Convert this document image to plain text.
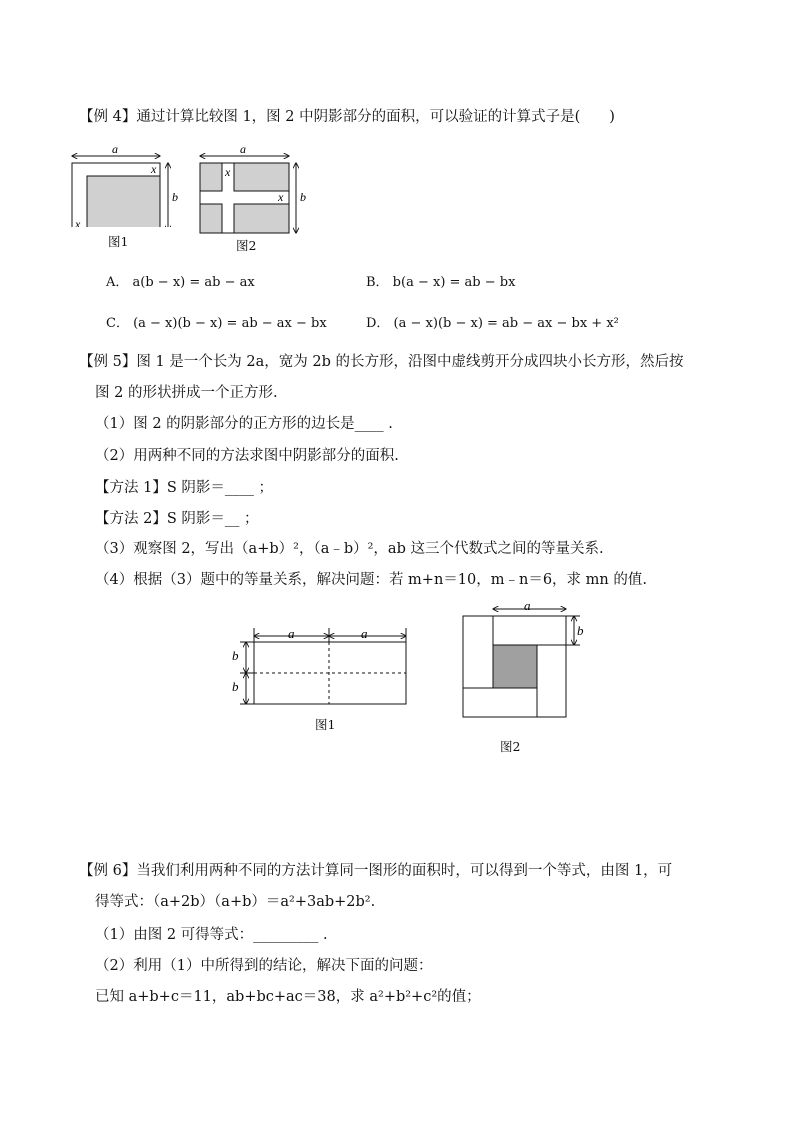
【例 4】通过计算比较图 1，图 2 中阴影部分的面积，可以验证的计算式子是(　　)
a
x
x
b
图1
a
x
x b
图2
A． a(b − x) = ab − ax	B． b(a − x) = ab − bx
C． (a − x)(b − x) = ab − ax − bx	D． (a − x)(b − x) = ab − ax − bx + x²
【例 5】图 1 是一个长为 2a，宽为 2b 的长方形，沿图中虚线剪开分成四块小长方形，然后按
图 2 的形状拼成一个正方形.
（1）图 2 的阴影部分的正方形的边长是____ .
（2）用两种不同的方法求图中阴影部分的面积.
【方法 1】S 阴影＝____ ；
【方法 2】S 阴影＝__ ；
（3）观察图 2，写出（a+b）²，（a﹣b）²，ab 这三个代数式之间的等量关系.
（4）根据（3）题中的等量关系，解决问题：若 m+n＝10，m﹣n＝6，求 mn 的值.
a	a
b
b
图1
a
b
图2
【例 6】当我们利用两种不同的方法计算同一图形的面积时，可以得到一个等式，由图 1，可
得等式：（a+2b）（a+b）＝a²+3ab+2b².
（1）由图 2 可得等式：_________ .
（2）利用（1）中所得到的结论，解决下面的问题：
已知 a+b+c＝11，ab+bc+ac＝38，求 a²+b²+c²的值；
